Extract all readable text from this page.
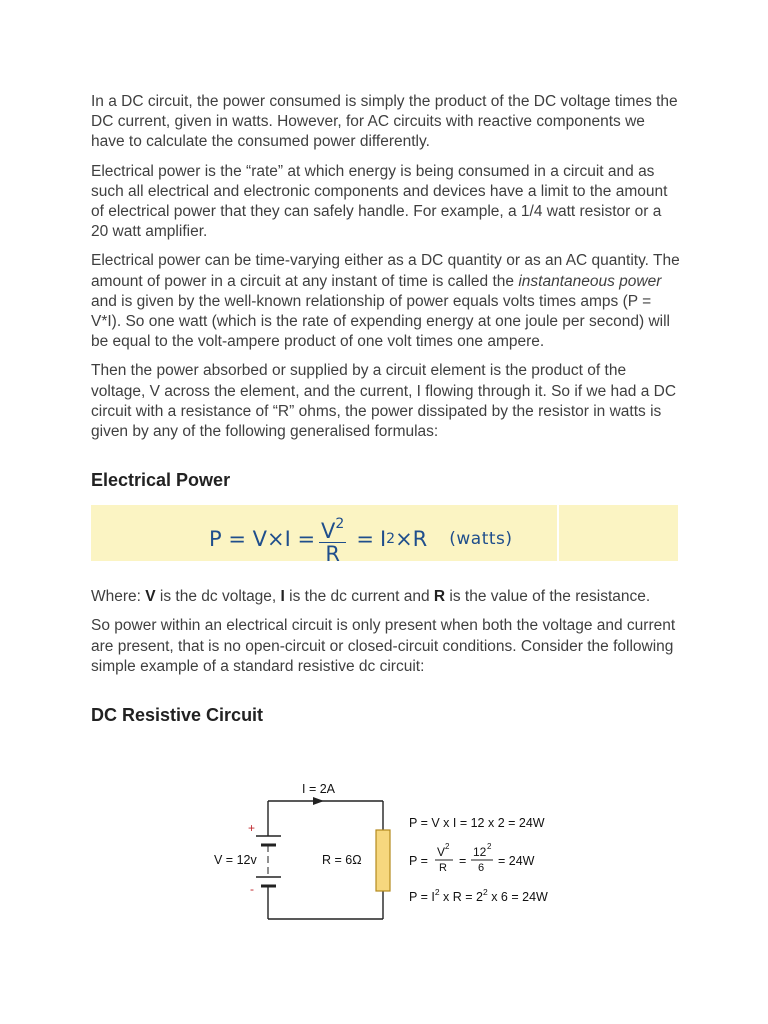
In a DC circuit, the power consumed is simply the product of the DC voltage times the DC current, given in watts. However, for AC circuits with reactive components we have to calculate the consumed power differently.

Electrical power is the “rate” at which energy is being consumed in a circuit and as such all electrical and electronic components and devices have a limit to the amount of electrical power that they can safely handle. For example, a 1/4 watt resistor or a 20 watt amplifier.

Electrical power can be time-varying either as a DC quantity or as an AC quantity. The amount of power in a circuit at any instant of time is called the instantaneous power and is given by the well-known relationship of power equals volts times amps (P = V*I). So one watt (which is the rate of expending energy at one joule per second) will be equal to the volt-ampere product of one volt times one ampere.

Then the power absorbed or supplied by a circuit element is the product of the voltage, V across the element, and the current, I flowing through it. So if we had a DC circuit with a resistance of “R” ohms, the power dissipated by the resistor in watts is given by any of the following generalised formulas:

Electrical Power
$P = V\times I = \frac{V^2}{R} = I$ 2 ×R (watts)

Where: V is the dc voltage, I is the dc current and R is the value of the resistance.

So power within an electrical circuit is only present when both the voltage and current are present, that is no open-circuit or closed-circuit conditions. Consider the following simple example of a standard resistive dc circuit:

DC Resistive Circuit
I = 2A
+
-
V = 12v	R = 6Ω
P = V x I = 12 x 2 = 24W
P =
V 2
R =
12 2
6 = 24W
$P = I^2$ x $R = 2^2$ x 6 = 24W
